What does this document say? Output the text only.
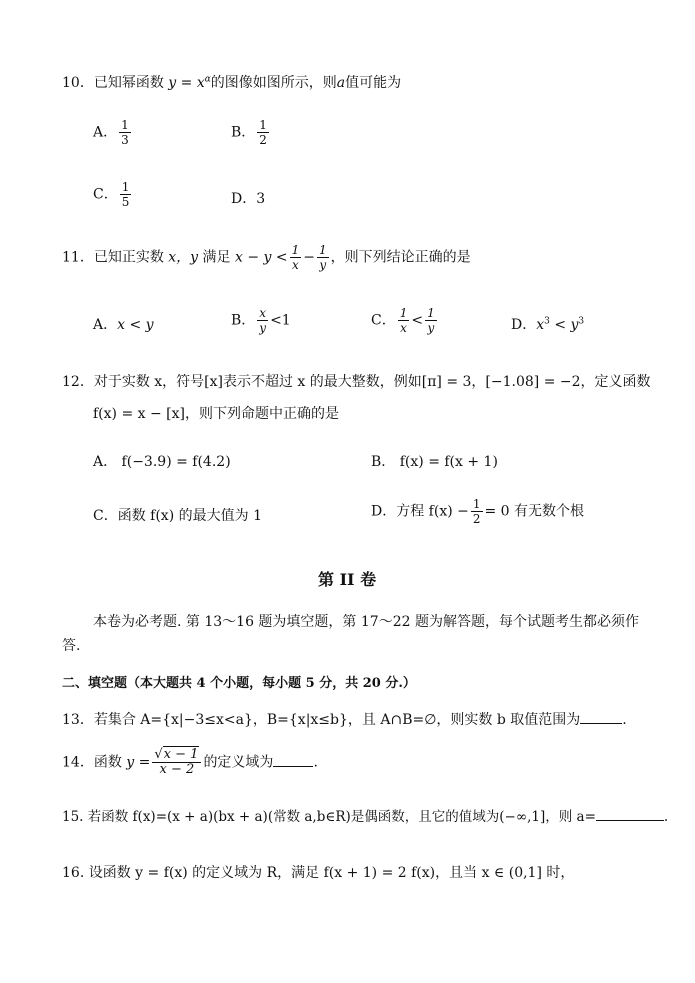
10．已知幂函数 $y = x^\alpha$的图像如图所示，则a值可能为
A． $\frac{1}{3}$	B． $\frac{1}{2}$
C． $\frac{1}{5}$	D．3
11．已知正实数 x，y 满足 $x - y < \frac{1}{x} - \frac{1}{y}$ ，则下列结论正确的是
A．x < y	B． $\frac{x}{y} <1$	C． $\frac{1}{x} < \frac{1}{y}$	D．$x^3 < y^3$
12．对于实数 x，符号[x]表示不超过 x 的最大整数，例如[π] = 3，[−1.08] = −2，定义函数
f(x) = x − [x]，则下列命题中正确的是
A． f(−3.9) = f(4.2)	B． f(x) = f(x + 1)
C．函数 f(x) 的最大值为 1	D．方程 $f(x) - \frac{1}{2} = 0$ 有无数个根
第 II 卷
本卷为必考题. 第 13～16 题为填空题，第 17～22 题为解答题，每个试题考生都必须作
答.
二、填空题（本大题共 4 个小题，每小题 5 分，共 20 分.）
13．若集合 A={x|−3≤x<a}，B={x|x≤b}，且 A∩B=∅，则实数 b 取值范围为	.
14．函数 $y = \frac{√x - 1}{x - 2}$ 的定义域为	.
15. 若函数 f(x)=(x + a)(bx + a)(常数 a,b∈R)是偶函数，且它的值域为(−∞,1]，则 a=	.
16. 设函数 y = f(x) 的定义域为 R，满足 f(x + 1) = 2 f(x)，且当 x ∈ (0,1] 时，
